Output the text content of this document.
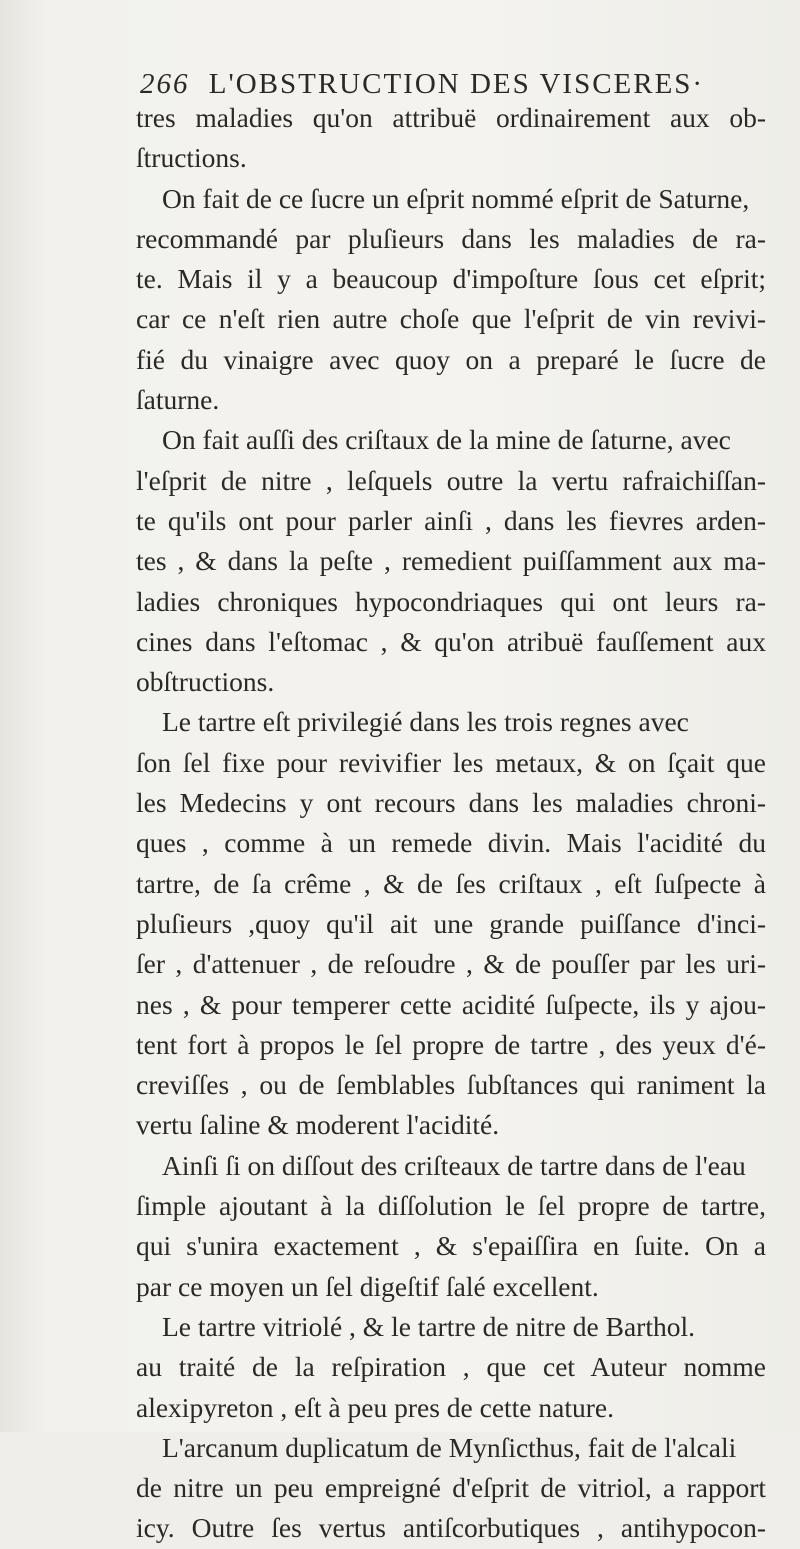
266 L'OBSTRUCTION DES VISCERES·
tres maladies qu'on attribuë ordinairement aux ob-
ſtructions.
On fait de ce ſucre un eſprit nommé eſprit de Saturne,
recommandé par pluſieurs dans les maladies de ra-
te. Mais il y a beaucoup d'impoſture ſous cet eſprit;
car ce n'eſt rien autre choſe que l'eſprit de vin revivi-
fié du vinaigre avec quoy on a preparé le ſucre de
ſaturne.
On fait auſſi des criſtaux de la mine de ſaturne, avec
l'eſprit de nitre , leſquels outre la vertu rafraichiſſan-
te qu'ils ont pour parler ainſi , dans les fievres arden-
tes , & dans la peſte , remedient puiſſamment aux ma-
ladies chroniques hypocondriaques qui ont leurs ra-
cines dans l'eſtomac , & qu'on atribuë fauſſement aux
obſtructions.
Le tartre eſt privilegié dans les trois regnes avec
ſon ſel fixe pour revivifier les metaux, & on ſçait que
les Medecins y ont recours dans les maladies chroni-
ques , comme à un remede divin. Mais l'acidité du
tartre, de ſa crême , & de ſes criſtaux , eſt ſuſpecte à
pluſieurs ,quoy qu'il ait une grande puiſſance d'inci-
ſer , d'attenuer , de reſoudre , & de pouſſer par les uri-
nes , & pour temperer cette acidité ſuſpecte, ils y ajou-
tent fort à propos le ſel propre de tartre , des yeux d'é-
creviſſes , ou de ſemblables ſubſtances qui raniment la
vertu ſaline & moderent l'acidité.
Ainſi ſi on diſſout des criſteaux de tartre dans de l'eau
ſimple ajoutant à la diſſolution le ſel propre de tartre,
qui s'unira exactement , & s'epaiſſira en ſuite. On a
par ce moyen un ſel digeſtif ſalé excellent.
Le tartre vitriolé , & le tartre de nitre de Barthol.
au traité de la reſpiration , que cet Auteur nomme
alexipyreton , eſt à peu pres de cette nature.
L'arcanum duplicatum de Mynſicthus, fait de l'alcali
de nitre un peu empreigné d'eſprit de vitriol, a rapport
icy. Outre ſes vertus antiſcorbutiques , antihypocon-
